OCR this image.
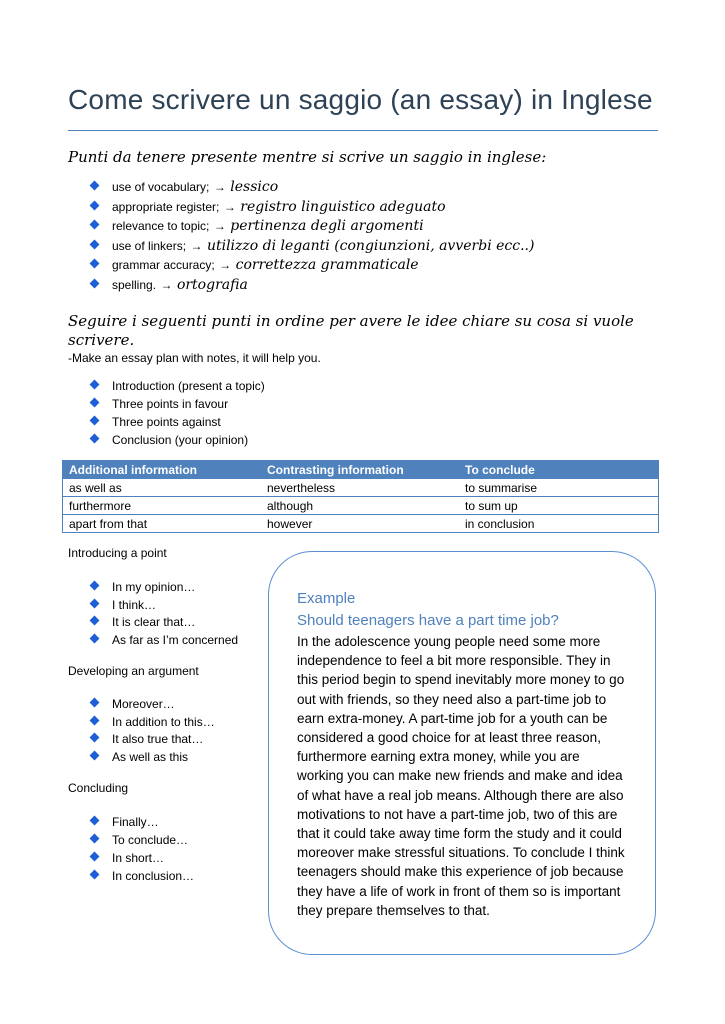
Come scrivere un saggio (an essay) in Inglese
Punti da tenere presente mentre si scrive un saggio in inglese:
use of vocabulary; → lessico
appropriate register; → registro linguistico adeguato
relevance to topic; → pertinenza degli argomenti
use of linkers; → utilizzo di leganti (congiunzioni, avverbi ecc..)
grammar accuracy; → correttezza grammaticale
spelling. → ortografia
Seguire i seguenti punti in ordine per avere le idee chiare su cosa si vuole
scrivere.
-Make an essay plan with notes, it will help you.
Introduction (present a topic)
Three points in favour
Three points against
Conclusion (your opinion)
Additional information	Contrasting information	To conclude
as well as	nevertheless	to summarise
furthermore	although	to sum up
apart from that	however	in conclusion
Introducing a point
In my opinion…
I think…
It is clear that…
As far as I’m concerned
Developing an argument
Moreover…
In addition to this…
It also true that…
As well as this
Concluding
Finally…
To conclude…
In short…
In conclusion…
Example
Should teenagers have a part time job?
In the adolescence young people need some more
independence to feel a bit more responsible. They in
this period begin to spend inevitably more money to go
out with friends, so they need also a part-time job to
earn extra-money. A part-time job for a youth can be
considered a good choice for at least three reason,
furthermore earning extra money, while you are
working you can make new friends and make and idea
of what have a real job means. Although there are also
motivations to not have a part-time job, two of this are
that it could take away time form the study and it could
moreover make stressful situations. To conclude I think
teenagers should make this experience of job because
they have a life of work in front of them so is important
they prepare themselves to that.
